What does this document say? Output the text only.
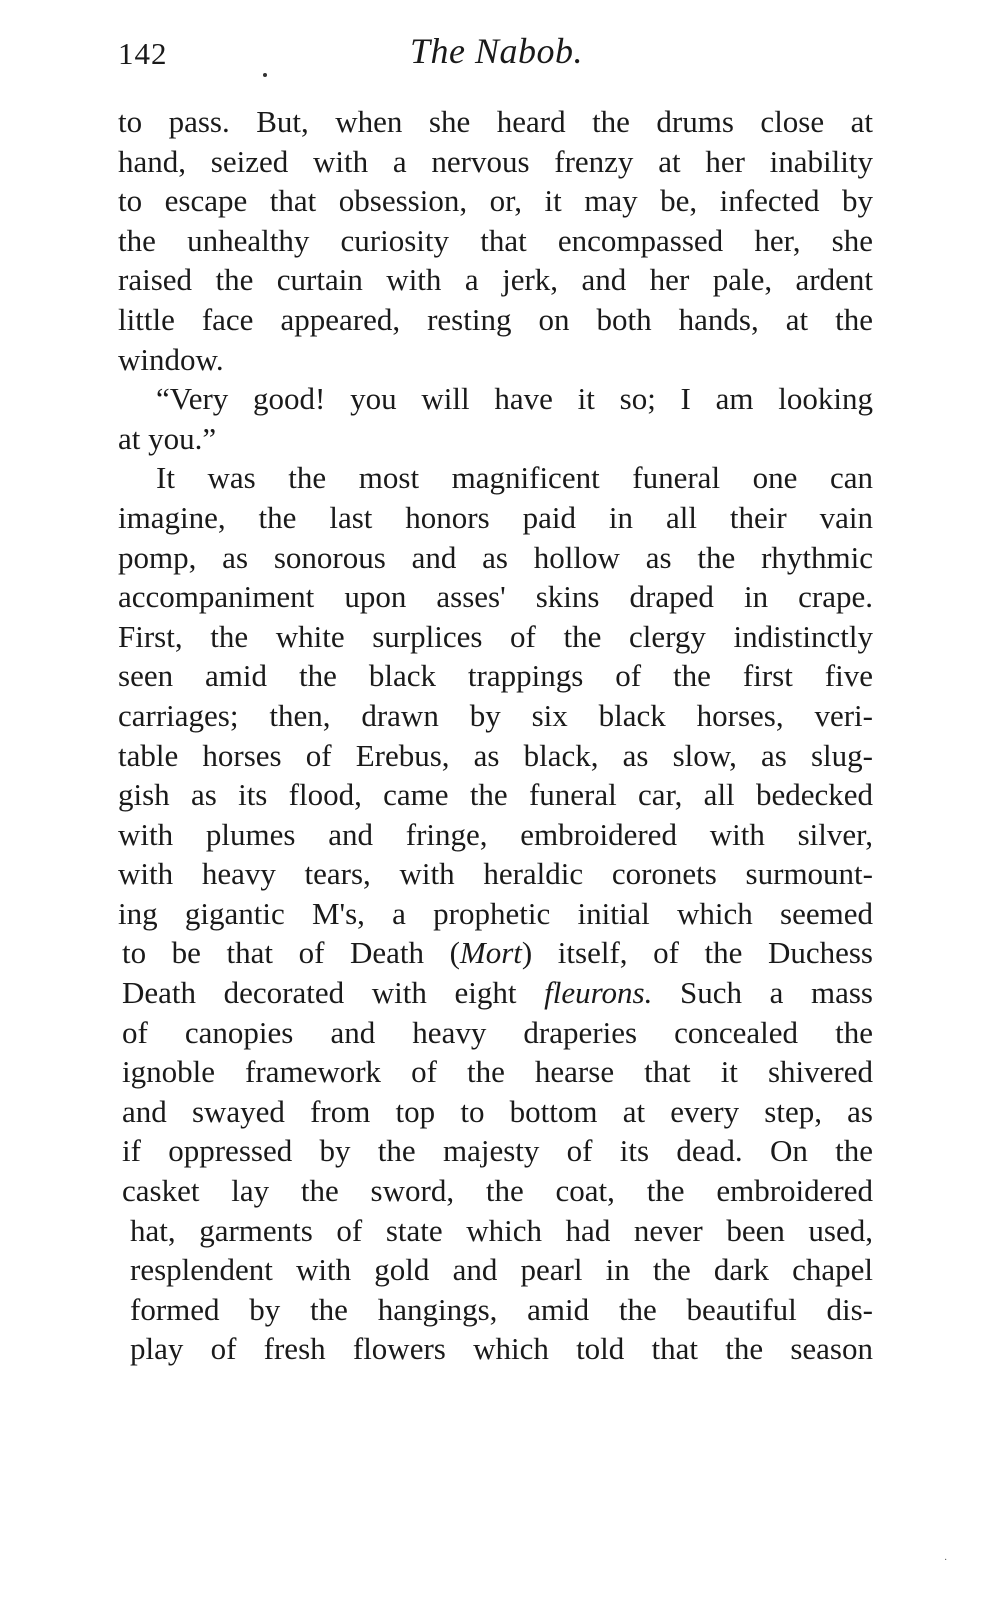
142	The Nabob.
to pass. But, when she heard the drums close at
hand, seized with a nervous frenzy at her inability
to escape that obsession, or, it may be, infected by
the unhealthy curiosity that encompassed her, she
raised the curtain with a jerk, and her pale, ardent
little face appeared, resting on both hands, at the
window.
“Very good! you will have it so; I am looking
at you.”
It was the most magnificent funeral one can
imagine, the last honors paid in all their vain
pomp, as sonorous and as hollow as the rhythmic
accompaniment upon asses' skins draped in crape.
First, the white surplices of the clergy indistinctly
seen amid the black trappings of the first five
carriages; then, drawn by six black horses, veri-
table horses of Erebus, as black, as slow, as slug-
gish as its flood, came the funeral car, all bedecked
with plumes and fringe, embroidered with silver,
with heavy tears, with heraldic coronets surmount-
ing gigantic M's, a prophetic initial which seemed
to be that of Death (Mort) itself, of the Duchess
Death decorated with eight fleurons. Such a mass
of canopies and heavy draperies concealed the
ignoble framework of the hearse that it shivered
and swayed from top to bottom at every step, as
if oppressed by the majesty of its dead. On the
casket lay the sword, the coat, the embroidered
hat, garments of state which had never been used,
resplendent with gold and pearl in the dark chapel
formed by the hangings, amid the beautiful dis-
play of fresh flowers which told that the season
·
